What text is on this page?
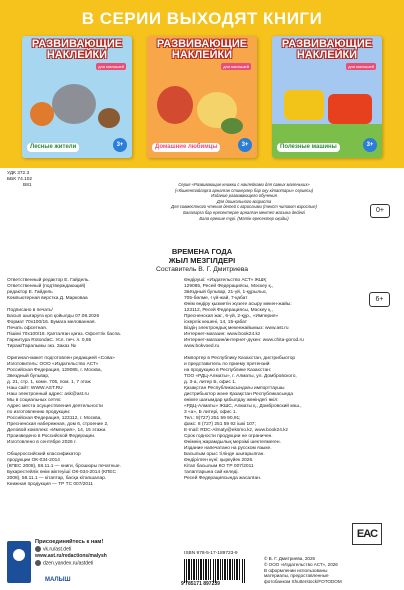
В СЕРИИ ВЫХОДЯТ КНИГИ
РАЗВИВАЮЩИЕ НАКЛЕЙКИ
для малышей
Лесные жители	3+
РАЗВИВАЮЩИЕ НАКЛЕЙКИ
для малышей
Домашние любимцы	3+
РАЗВИВАЮЩИЕ НАКЛЕЙКИ
для малышей
Полезные машины	3+
УДК 372.3
ББК 74.102
В81	Серия «Развивающие книжки с наклейками для самых маленьких»
(«Кішкентайларға арналған стикерлер бар оқу кітаптары» сериясы)
Издание развивающего обучения
Для дошкольного возраста
Для совместного чтения детей с взрослыми (текст читают взрослые)
Балаларға бар ересектерге арналған мектеп жасына дейінгі
Бала ерекше түрі. (Мәтін ересектер оқиды)
0+
ВРЕМЕНА ГОДА
ЖЫЛ МЕЗГІЛДЕРІ
Составитель В. Г. Дмитриева
Ответственный редактор Е. Гайдель.
Ответственный (подтверждающий)
редактор Е. Гайдель
Компьютерная верстка Д. Марковаа

Подписано в печать/
Басып шығаруға қол қойылды 07.08.2026
Формат 70x100/16. Бумага мелованная.
Печать офсетная.
Пішімі 70x100/16. Қапталған қағаз. Офсеттік баспа.
Гарнитура RotondaC. Усл. печ. л. 0,65
Тираж/Таралымы экз. Заказ №

Оригинал-макет подготовлен редакцией «Сова»
Изготовитель: ООО «Издательство АСТ»
Российская Федерация, 129085, г. Москва,
Звездный бульвар,
д. 21, стр. 1, комн. 705, пом. 1, 7 этаж
Наш сайт: WWW.AST.RU
Наш электронный адрес: ask@ast.ru
Мы в социальных сетях:
Адрес места осуществления деятельности
по изготовлению продукции:
Российская Федерация, 123112, г. Москва,
Пресненская набережная, дом 6, строение 2,
Деловой комплекс «Империя», 14, 15 этажи.
Произведено в Российской Федерации.
Изготовлено в сентябре 2026 г.

Общероссийский классификатор
продукции ОК-034-2014
(КПЕС 2008), 58.11.1 — книги, брошюры печатные.
Букарестейлік өнім жіктеуіші ОК-034-2014 (КПЕС
2008), 58.11.1 — кітаптар, басқа кітапшалар.
Книжная продукция — ТР ТС 007/2011
Өндіруші: «Издательство АСТ» ЖШҚ
129085, Ресей Федерациясы, Мәскеу қ.,
Звёздный бульвар, 21-үй, 1-құрылыс,
705-бөлме, I үй-жай, 7-қабат
Өнім өндіру қызметін жүзеге асыру мекен-жайы:
123112, Ресей Федерациясы, Мәскеу қ.,
Пресненская жаг., 6-үй, 2-құр., «Империя»
іскерлік кешені, 14, 15-қабат
Біздің электрондық мекенжайымыз: www.ast.ru
Интернет-магазин: www.book24.kz
Интернет-магазин/интернет-дүкен: www.chita-gorod.ru
www.bokvoed.ru

Импортер в Республику Казахстан, дистрибьютор
и представитель по приему претензий
на продукцию в Республике Казахстан:
ТОО «РДЦ-Алматы», г. Алматы, ул. Домбровского,
д. 3-а, литер Б, офис 1.
Қазақстан Республикасындағы импорттаушы
дистрибьютор және Қазақстан Республикасында
өнімге шағымдар қабылдау жөніндегі өкіл:
«РДЦ-Алматы» ЖШС, Алматы қ., Домбровский көш.,
3 «а», Б литері, офис 1.
Тел.: 8(727) 251 59 90,91;
факс: 8 (727) 251 59 92 ішкі 107;
E-mail: RDC-Almaty@eksmo.kz, www.book24.kz
Срок годности продукции не ограничен.
Өнімнің жарамдылық мерзімі шектелмеген.
Издание напечатано на русском языке.
Басылым орыс тілінде шығарылған.
Өндірілген күні: қыркүйек 2026.
Кітап басылым КО ТР 007/2011
талаптарына сай келеді.
Ресей Федерациясында жасалған.
6+
EAC
ISBN 978-5-17-189723-9
9 785171 897239
© В. Г. Дмитриева, 2026
© ООО «Издательство АСТ», 2026
В оформлении использованы
материалы, предоставленные
фотобанком Shutterstock/FOTODOM
Присоединяйтесь к нам!
vk.ru/ast.deti
www.ast.ru/redactions/malysh
dzen.yandex.ru/astdeti
МАЛЫШ
